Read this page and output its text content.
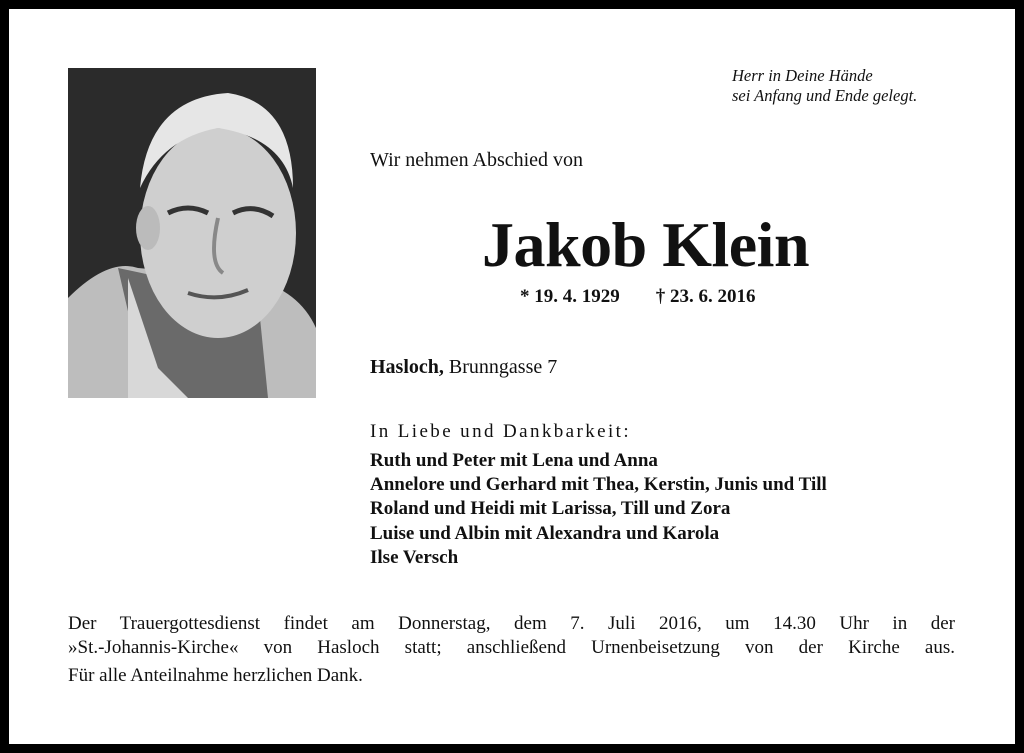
Herr in Deine Hände
sei Anfang und Ende gelegt.
Wir nehmen Abschied von
Jakob Klein
* 19. 4. 1929 † 23. 6. 2016
Hasloch, Brunngasse 7
In Liebe und Dankbarkeit:
Ruth und Peter mit Lena und Anna
Annelore und Gerhard mit Thea, Kerstin, Junis und Till
Roland und Heidi mit Larissa, Till und Zora
Luise und Albin mit Alexandra und Karola
Ilse Versch
Der Trauergottesdienst findet am Donnerstag, dem 7. Juli 2016, um 14.30 Uhr in der
»St.-Johannis-Kirche« von Hasloch statt; anschließend Urnenbeisetzung von der Kirche aus.
Für alle Anteilnahme herzlichen Dank.
